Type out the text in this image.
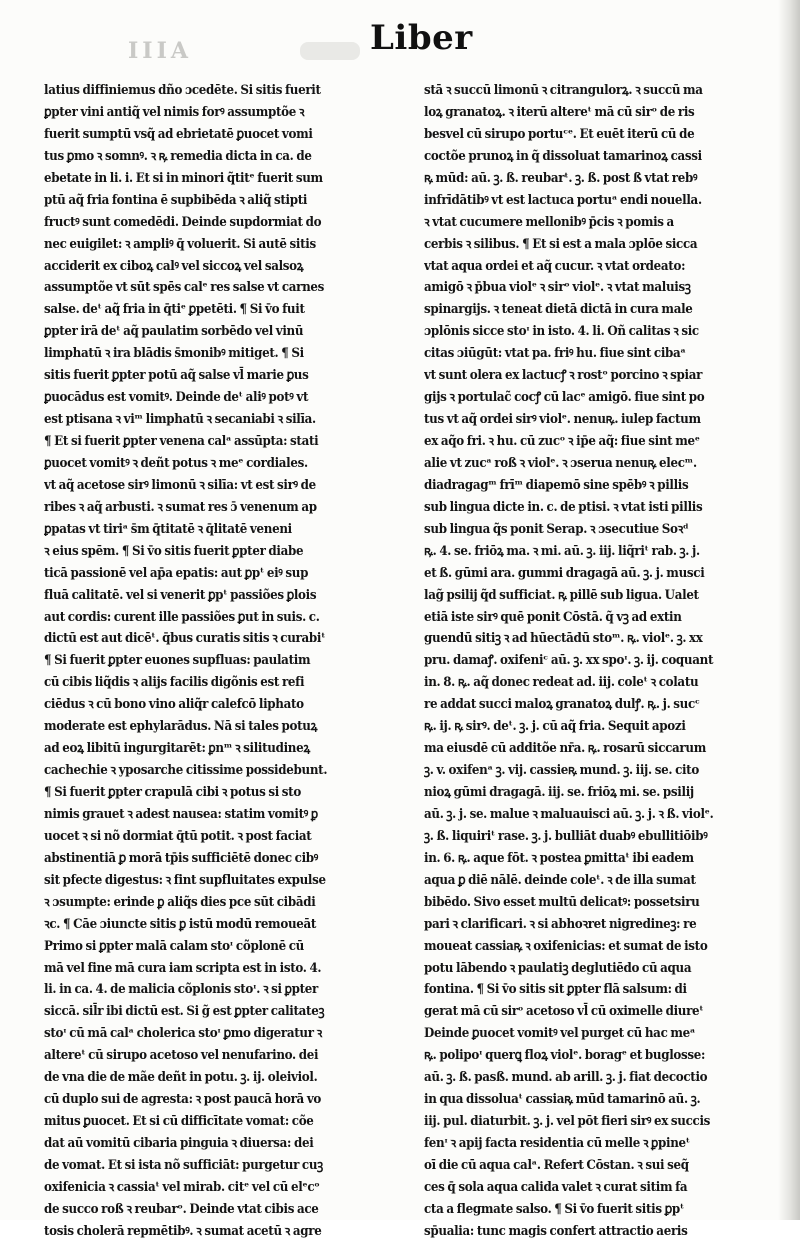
IIIA	Liber
latius diffiniemus dño ɔcedēte. Si sitis fuerit
ꝑpter vini antiq̃ vel nimis forꝰ assumptõe ꝛ
fuerit sumptū vsq̃ ad ebrietatē ꝑuocet vomi
tus ꝑmo ꝛ somnꝰ. ꝛ ꝶ remedia dicta in ca. de
ebetate in li. i. Et si in minori q̃titᵉ fuerit sum
ptū aq̃ fria fontina ē supbibēda ꝛ aliq̃ stipti
fructꝰ sunt comedēdi. Deinde supdormiat do
nec euigilet: ꝛ ampliꝰ q̄ voluerit. Si autē sitis
acciderit ex ciboꝝ calꝰ vel siccoꝝ vel salsoꝝ
assumptõe vt sūt spēs calᵉ res salse vt carnes
salse. deᵗ aq̃ fria in q̄tiᵉ ꝑpetēti. ¶ Si v̄o fuit
ꝑpter irā deᵗ aq̃ paulatim sorbēdo vel vinū
limphatū ꝛ ira blādis s̄monibꝰ mitiget. ¶ Si
sitis fuerit ꝑpter potū aq̃ salse vl̄ marie ꝑus
ꝑuocādus est vomitꝰ. Deinde deᵗ aliꝰ potꝰ vt
est ptisana ꝛ viᵐ limphatū ꝛ secaniabi ꝛ silīa.
¶ Et si fuerit ꝑpter venena calᵃ assūpta: stati
ꝑuocet vomitꝰ ꝛ deñt potus ꝛ meᵉ cordiales.
vt aq̃ acetose sirꝰ limonū ꝛ silīa: vt est sirꝰ de
ribes ꝛ aq̃ arbusti. ꝛ sumat res ɔ̄ venenum ap
ꝑpatas vt tiriᵃ s̄m q̄titatē ꝛ q̄litatē veneni
ꝛ eius spēm. ¶ Si v̄o sitis fuerit ꝑpter diabe
ticā passionē vel ap̄a epatis: aut ꝑpᵗ eiꝰ sup
fluā calitatē. vel si venerit ꝑpᵗ passiões ꝑlois
aut cordis: curent ille passiões ꝑut in suis. c.
dictū est aut dicēᵗ. q̄bus curatis sitis ꝛ curabiᵗ
¶ Si fuerit ꝑpter euones supfluas: paulatim
cū cibis liq̃dis ꝛ alijs facilis digõnis est refi
ciēdus ꝛ cū bono vino aliq̃r calefcō liphato
moderate est ephylarādus. Nā si tales potuꝝ
ad eoꝝ libitū ingurgitarēt: ꝑnᵐ ꝛ silitudineꝝ
cachechie ꝛ yposarche citissime possidebunt.
¶ Si fuerit ꝑpter crapulā cibi ꝛ potus si sto
nimis grauet ꝛ adest nausea: statim vomitꝰ ꝑ
uocet ꝛ si nõ dormiat q̄tū potit. ꝛ post faciat
abstinentiā ꝑ morā tp̄is sufficiētē donec cibꝰ
sit pfecte digestus: ꝛ fint supfluitates expulse
ꝛ ɔsumpte: erinde ꝑ aliq̃s dies pce sūt cibādi
ꝛc. ¶ Cāe ɔiuncte sitis ꝑ istū modū remoueāt
Primo si ꝑpter malā calam stoᶦ cõplonē cū
mā vel fine mā cura iam scripta est in isto. 4.
li. in ca. 4. de malicia cõplonis stoᶦ. ꝛ si ꝑpter
siccā. sil̄r ibi dictū est. Si g̃ est ꝑpter calitateꝫ
stoᶦ cū mā calᵃ cholerica stoᶦ ꝑmo digeratur ꝛ
altereᵗ cū sirupo acetoso vel nenufarino. dei
de vna die de mãe deñt in potu. ꝫ. ij. oleiviol.
cū duplo sui de agresta: ꝛ post paucā horā vo
mitus ꝑuocet. Et si cū difficītate vomat: cõe
dat aū vomitū cibaria pinguia ꝛ diuersa: dei
de vomat. Et si ista nõ sufficiāt: purgetur cuꝫ
oxifenicia ꝛ cassiaᵗ vel mirab. citᵉ vel cū elᵉcᵒ
de succo roß ꝛ reubarᵒ. Deinde vtat cibis ace
tosis cholerā repmētibꝰ. ꝛ sumat acetū ꝛ agre
stā ꝛ succū limonū ꝛ citrangulorꝝ. ꝛ succū ma
loꝝ granatoꝝ. ꝛ iterū altereᵗ mā cū sirᵒ de ris
besvel cū sirupo portuᶜᵉ. Et euēt iterū cū de
coctõe prunoꝝ in q̃ dissoluat tamarinoꝝ cassi
ꝶ mūd: aū. ꝫ. ß. reubarᵗ. ꝫ. ß. post ß vtat rebꝰ
infrīdātibꝰ vt est lactuca portuᵃ endi nouella.
ꝛ vtat cucumere mellonibꝰ p̄cis ꝛ pomis a
cerbis ꝛ silibus. ¶ Et si est a mala ɔplōe sicca
vtat aqua ordei et aq̃ cucur. ꝛ vtat ordeato:
amigō ꝛ p̄bua violᵉ ꝛ sirᵒ violᵉ. ꝛ vtat maluisꝫ
spinargijs. ꝛ teneat dietā dictā in cura male
ɔplōnis sicce stoᶦ in isto. 4. li. Oñ calitas ꝛ sic
citas ɔiūgūt: vtat pa. friꝰ hu. fiue sint cibaᵃ
vt sunt olera ex lactucꝭ ꝛ rostᵒ porcino ꝛ spiar
gijs ꝛ portulac̃ cocꝭ cū lacᵉ amigō. fiue sint po
tus vt aq̃ ordei sirꝰ violᵉ. nenuꝶ. iulep factum
ex aq̃o fri. ꝛ hu. cū zucᵒ ꝛ ip̄e aq̃: fiue sint meᵉ
alie vt zucᵃ roß ꝛ violᵉ. ꝛ ɔserua nenuꝶ elecᵐ.
diadragagᵐ frīᵐ diapemō sine spēbꝰ ꝛ pillis
sub lingua dicte in. c. de ptisi. ꝛ vtat isti pillis
sub lingua q̃s ponit Serap. ꝛ ɔsecutiue Soꝛᵈ
ꝶ. 4. se. friōꝝ ma. ꝛ mi. aū. ꝫ. iij. liq̃riᵗ rab. ꝫ. j.
et ß. gūmi ara. gummi dragagā aū. ꝫ. j. musci
lag̃ psilij q̃d sufficiat. ꝶ pillē sub ligua. Ualet
etiā iste sirꝰ quē ponit Cōstā. q̃ vꝫ ad extin
guendū sitiꝫ ꝛ ad hūectādū stoᵐ. ꝶ. violᵉ. ꝫ. xx
pru. damaꝭ. oxifeniᶜ aū. ꝫ. xx spoᶦ. ꝫ. ij. coquant
in. 8. ꝶ. aq̃ donec redeat ad. iij. coleᵗ ꝛ colatu
re addat succi maloꝝ granatoꝝ dulꝭ. ꝶ. j. sucᶜ
ꝶ. ij. ꝶ sirꝰ. deᵗ. ꝫ. j. cū aq̃ fria. Sequit apozi
ma eiusdē cū additõe nr̄a. ꝶ. rosarū siccarum
ꝫ. v. oxifenᵃ ꝫ. vij. cassieꝶ mund. ꝫ. iij. se. cito
nioꝝ gūmi dragagā. iij. se. friōꝝ mi. se. psilij
aū. ꝫ. j. se. malue ꝛ maluauisci aū. ꝫ. j. ꝛ ß. violᵉ.
ꝫ. ß. liquiriᵗ rase. ꝫ. j. bulliāt duabꝰ ebullitiōibꝰ
in. 6. ꝶ. aque fōt. ꝛ postea ꝑmittaᵗ ibi eadem
aqua ꝑ diē nālē. deinde coleᵗ. ꝛ de illa sumat
bibēdo. Sivo esset multū delicatꝰ: possetsiru
pari ꝛ clarificari. ꝛ si abhoꝛret nigredineꝫ: re
moueat cassiaꝶ ꝛ oxifenicias: et sumat de isto
potu lābendo ꝛ paulatiꝫ deglutiēdo cū aqua
fontina. ¶ Si v̄o sitis sit ꝑpter flā salsum: di
gerat mā cū sirᵒ acetoso vl̄ cū oximelle diureᵗ
Deinde ꝑuocet vomitꝰ vel purget cū hac meᵃ
ꝶ. polipoᶦ querꝗ floꝝ violᵉ. boragᵉ et buglosse:
aū. ꝫ. ß. pasß. mund. ab arill. ꝫ. j. fiat decoctio
in qua dissoluaᵗ cassiaꝶ mūd tamarinō aū. ꝫ.
iij. pul. diaturbit. ꝫ. j. vel pōt fieri sirꝰ ex succis
fenᶦ ꝛ apij facta residentia cū melle ꝛ ꝑpineᵗ
oī die cū aqua calᵃ. Refert Cōstan. ꝛ sui seq̃
ces q̄ sola aqua calida valet ꝛ curat sitim fa
cta a flegmate salso. ¶ Si v̄o fuerit sitis ꝑpᵗ
sp̄ualia: tunc magis confert attractio aeris
